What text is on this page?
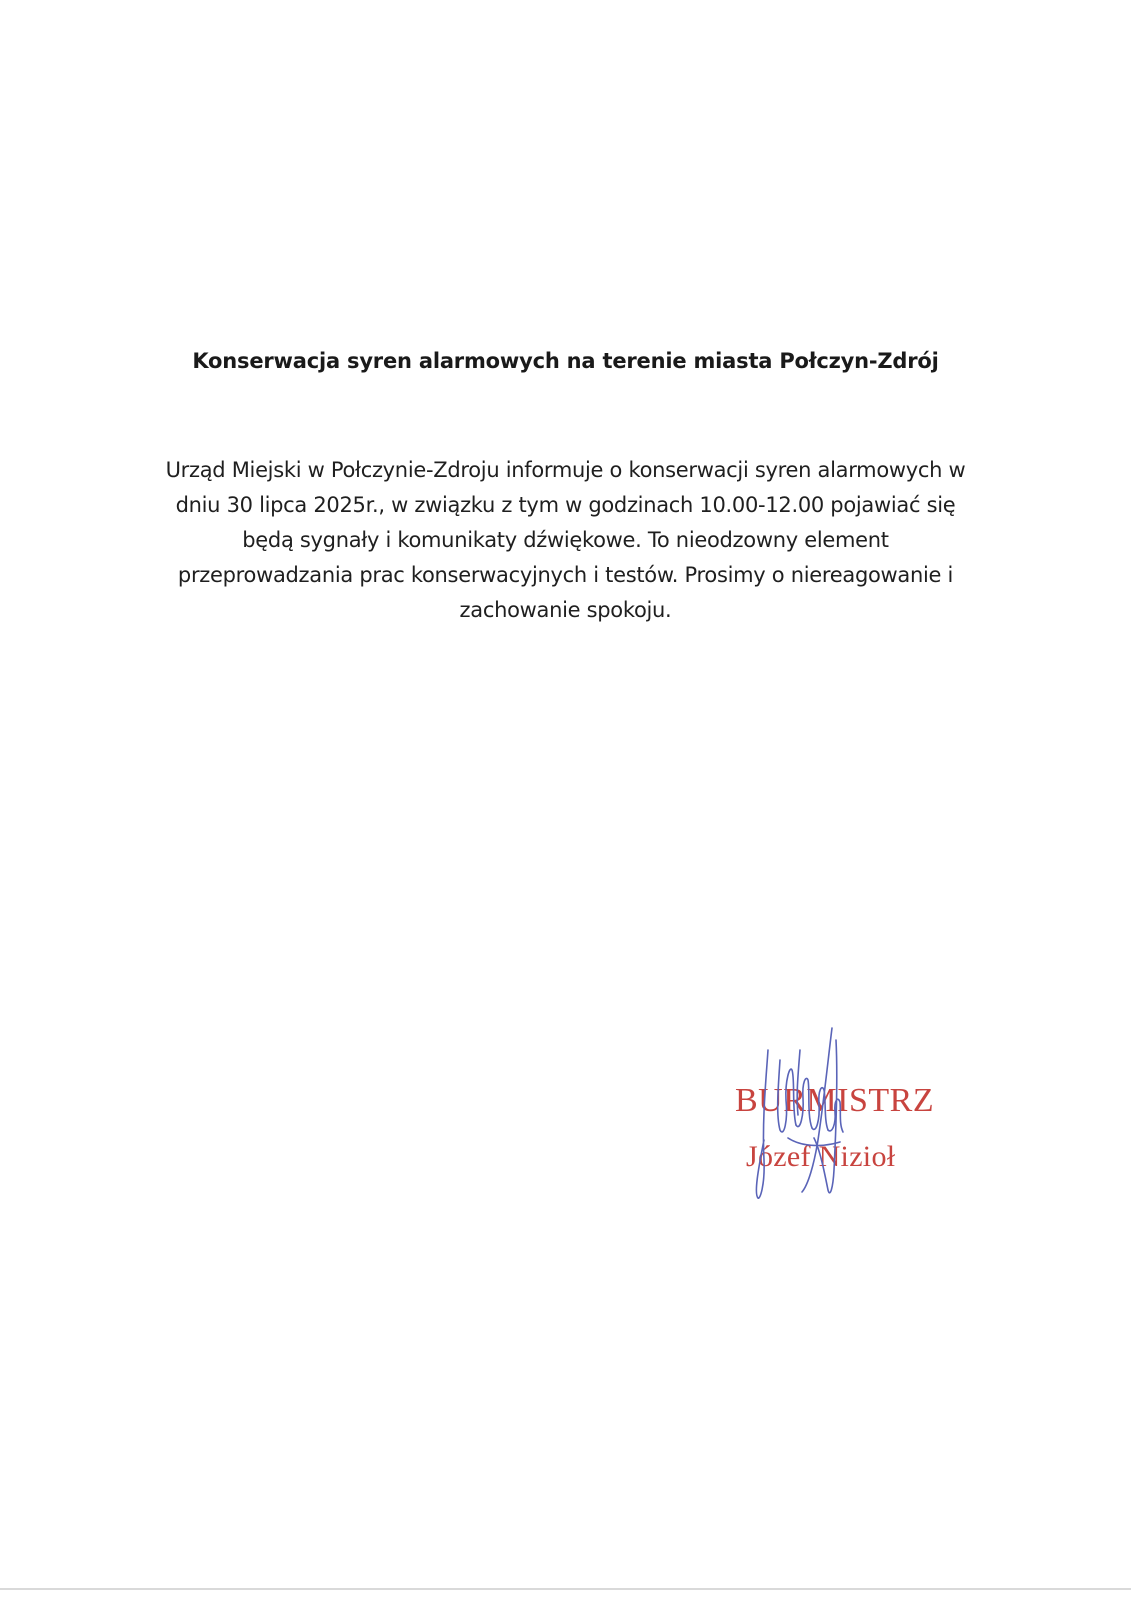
Konserwacja syren alarmowych na terenie miasta Połczyn-Zdrój
Urząd Miejski w Połczynie-Zdroju informuje o konserwacji syren alarmowych w
dniu 30 lipca 2025r., w związku z tym w godzinach 10.00-12.00 pojawiać się
będą sygnały i komunikaty dźwiękowe. To nieodzowny element
przeprowadzania prac konserwacyjnych i testów. Prosimy o niereagowanie i
zachowanie spokoju.
BURMISTRZ
Józef Nizioł
